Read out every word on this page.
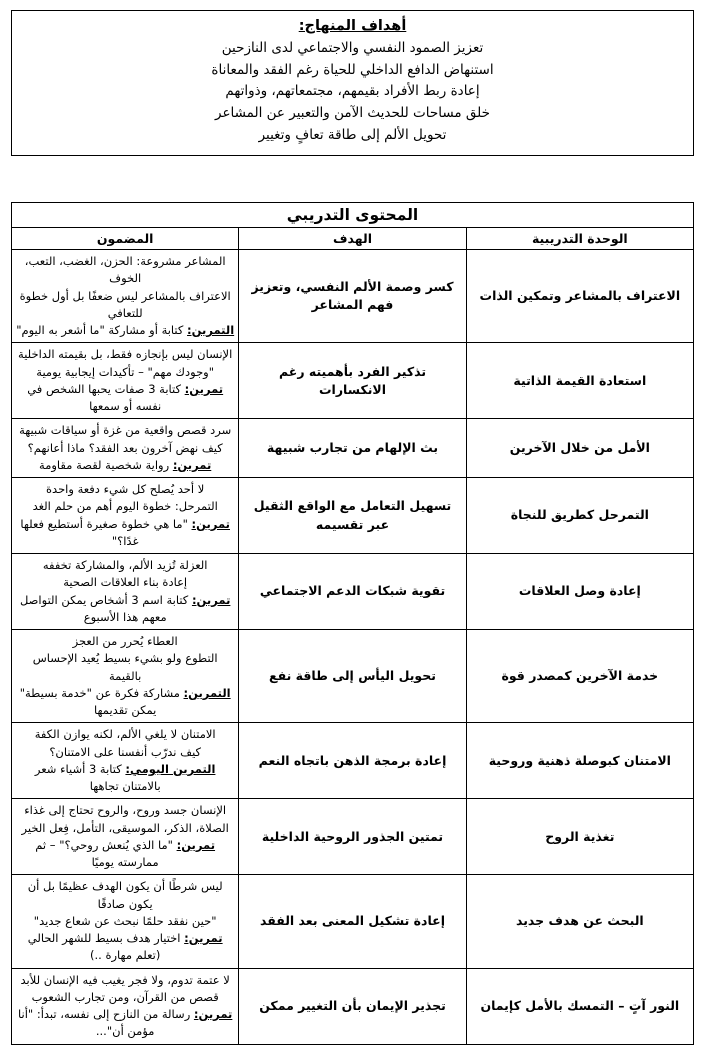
أهداف المنهاج:
تعزيز الصمود النفسي والاجتماعي لدى النازحين
استنهاض الدافع الداخلي للحياة رغم الفقد والمعاناة
إعادة ربط الأفراد بقيمهم، مجتمعاتهم، وذواتهم
خلق مساحات للحديث الآمن والتعبير عن المشاعر
تحويل الألم إلى طاقة تعافٍ وتغيير
المحتوى التدريبي		
الوحدة التدريبية	الهدف	المضمون
الاعتراف بالمشاعر وتمكين الذات	كسر وصمة الألم النفسي، وتعزيز فهم المشاعر	المشاعر مشروعة: الحزن، الغضب، التعب، الخوف
الاعتراف بالمشاعر ليس ضعفًا بل أول خطوة للتعافي
التمرين: كتابة أو مشاركة "ما أشعر به اليوم"

استعادة القيمة الذاتية	تذكير الفرد بأهميته رغم الانكسارات	الإنسان ليس بإنجازه فقط، بل بقيمته الداخلية
"وجودك مهم" – تأكيدات إيجابية يومية
تمرين: كتابة 3 صفات يحبها الشخص في نفسه أو سمعها

الأمل من خلال الآخرين	بث الإلهام من تجارب شبيهة	سرد قصص واقعية من غزة أو سياقات شبيهة
كيف نهض آخرون بعد الفقد؟ ماذا أعانهم؟
تمرين: رواية شخصية لقصة مقاومة

التمرحل كطريق للنجاة	تسهيل التعامل مع الواقع الثقيل عبر تقسيمه	لا أحد يُصلح كل شيء دفعة واحدة
التمرحل: خطوة اليوم أهم من حلم الغد
تمرين: "ما هي خطوة صغيرة أستطيع فعلها غدًا؟"

إعادة وصل العلاقات	تقوية شبكات الدعم الاجتماعي	العزلة تُزيد الألم، والمشاركة تخففه
إعادة بناء العلاقات الصحية
تمرين: كتابة اسم 3 أشخاص يمكن التواصل معهم هذا الأسبوع

خدمة الآخرين كمصدر قوة	تحويل اليأس إلى طاقة نفع	العطاء يُحرر من العجز
التطوع ولو بشيء بسيط يُعيد الإحساس بالقيمة
التمرين: مشاركة فكرة عن "خدمة بسيطة" يمكن تقديمها

الامتنان كبوصلة ذهنية وروحية	إعادة برمجة الذهن باتجاه النعم	الامتنان لا يلغي الألم، لكنه يوازن الكفة
كيف ندرّب أنفسنا على الامتنان؟
التمرين اليومي: كتابة 3 أشياء شعر بالامتنان تجاهها

تغذية الروح	تمتين الجذور الروحية الداخلية	الإنسان جسد وروح، والروح تحتاج إلى غذاء
الصلاة، الذكر، الموسيقى، التأمل، فِعل الخير
تمرين: "ما الذي يُنعش روحي؟" – ثم ممارسته يوميًا

البحث عن هدف جديد	إعادة تشكيل المعنى بعد الفقد	ليس شرطًا أن يكون الهدف عظيمًا بل أن يكون صادقًا
"حين نفقد حلمًا نبحث عن شعاع جديد"
تمرين: اختيار هدف بسيط للشهر الحالي (تعلم مهارة ..)

النور آتٍ – التمسك بالأمل كإيمان	تجذير الإيمان بأن التغيير ممكن	لا عتمة تدوم، ولا فجر يغيب فيه الإنسان للأبد
قصص من القرآن، ومن تجارب الشعوب
تمرين: رسالة من النازح إلى نفسه، تبدأ: "أنا مؤمن أن"...
